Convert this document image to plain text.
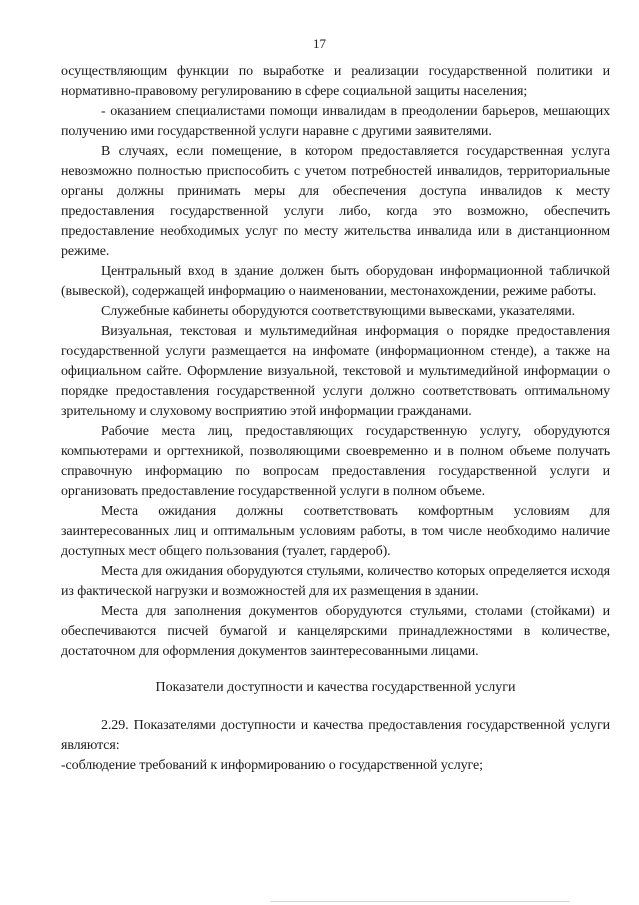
17

осуществляющим функции по выработке и реализации государственной политики и нормативно-правовому регулированию в сфере социальной защиты населения;

- оказанием специалистами помощи инвалидам в преодолении барьеров, мешающих получению ими государственной услуги наравне с другими заявителями.

В случаях, если помещение, в котором предоставляется государственная услуга невозможно полностью приспособить с учетом потребностей инвалидов, территориальные органы должны принимать меры для обеспечения доступа инвалидов к месту предоставления государственной услуги либо, когда это возможно, обеспечить предоставление необходимых услуг по месту жительства инвалида или в дистанционном режиме.

Центральный вход в здание должен быть оборудован информационной табличкой (вывеской), содержащей информацию о наименовании, местонахождении, режиме работы.

Служебные кабинеты оборудуются соответствующими вывесками, указателями.

Визуальная, текстовая и мультимедийная информация о порядке предоставления государственной услуги размещается на инфомате (информационном стенде), а также на официальном сайте. Оформление визуальной, текстовой и мультимедийной информации о порядке предоставления государственной услуги должно соответствовать оптимальному зрительному и слуховому восприятию этой информации гражданами.

Рабочие места лиц, предоставляющих государственную услугу, оборудуются компьютерами и оргтехникой, позволяющими своевременно и в полном объеме получать справочную информацию по вопросам предоставления государственной услуги и организовать предоставление государственной услуги в полном объеме.

Места ожидания должны соответствовать комфортным условиям для заинтересованных лиц и оптимальным условиям работы, в том числе необходимо наличие доступных мест общего пользования (туалет, гардероб).

Места для ожидания оборудуются стульями, количество которых определяется исходя из фактической нагрузки и возможностей для их размещения в здании.

Места для заполнения документов оборудуются стульями, столами (стойками) и обеспечиваются писчей бумагой и канцелярскими принадлежностями в количестве, достаточном для оформления документов заинтересованными лицами.

Показатели доступности и качества государственной услуги

2.29. Показателями доступности и качества предоставления государственной услуги являются:

-соблюдение требований к информированию о государственной услуге;
